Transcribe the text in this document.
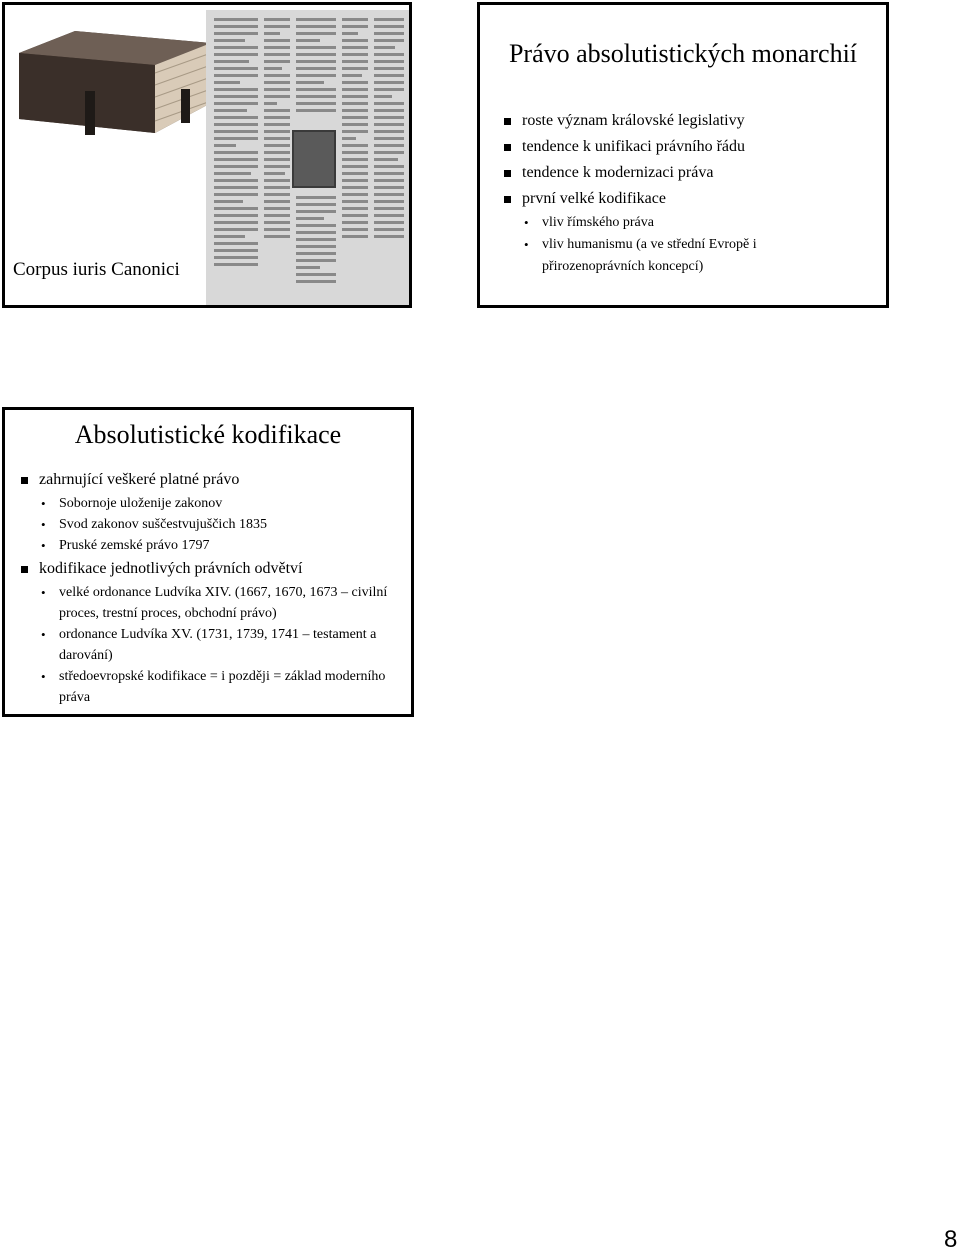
Corpus iuris Canonici
Právo absolutistických monarchií
roste význam královské legislativy
tendence k unifikaci právního řádu
tendence k modernizaci práva
první velké kodifikace
• vliv římského práva
• vliv humanismu (a ve střední Evropě i přirozenoprávních koncepcí)
Absolutistické kodifikace
zahrnující veškeré platné právo
• Sobornoje uloženije zakonov
• Svod zakonov suščestvujuščich 1835
• Pruské zemské právo 1797
kodifikace jednotlivých právních odvětví
• velké ordonance Ludvíka XIV. (1667, 1670, 1673 – civilní proces, trestní proces, obchodní právo)
• ordonance Ludvíka XV. (1731, 1739, 1741 – testament a darování)
• středoevropské kodifikace = i později = základ moderního práva
8
